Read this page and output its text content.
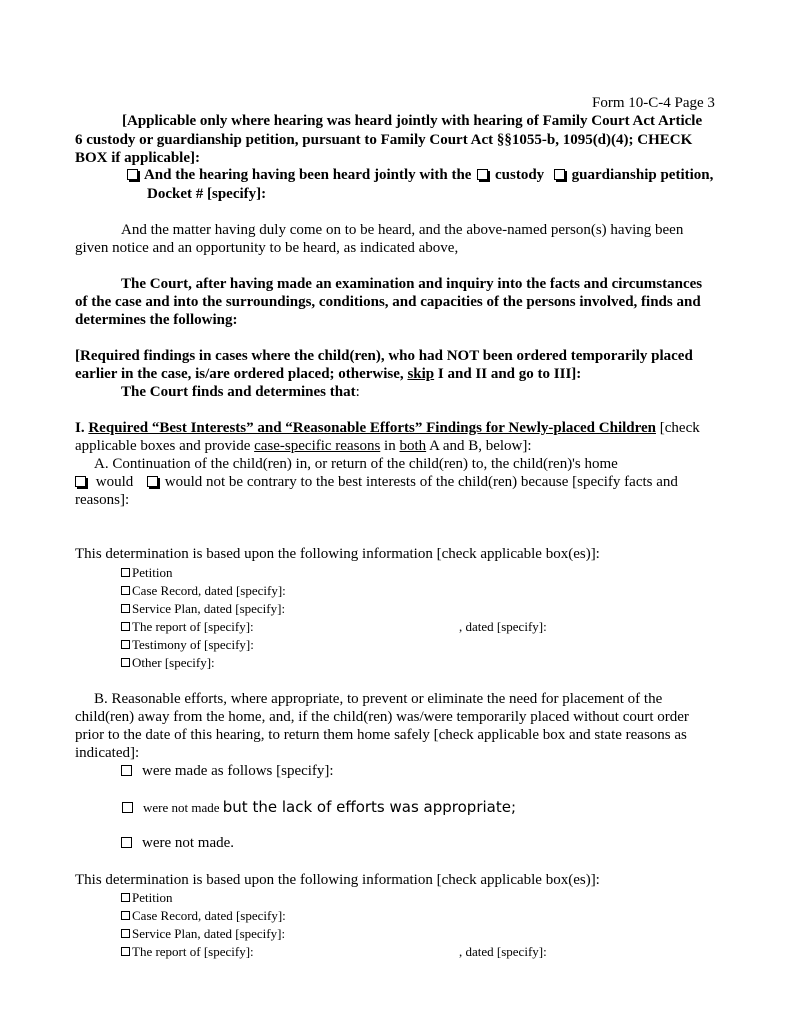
Form 10-C-4 Page 3
[Applicable only where hearing was heard jointly with hearing of Family Court Act Article
6 custody or guardianship petition, pursuant to Family Court Act §§1055-b, 1095(d)(4); CHECK
BOX if applicable]:
And the hearing having been heard jointly with the  custody guardianship petition,
Docket # [specify]:
And the matter having duly come on to be heard, and the above-named person(s) having been
given notice and an opportunity to be heard, as indicated above,
The Court, after having made an examination and inquiry into the facts and circumstances
of the case and into the surroundings, conditions, and capacities of the persons involved, finds and
determines the following:
[Required findings in cases where the child(ren), who had NOT been ordered temporarily placed
earlier in the case, is/are ordered placed; otherwise, skip I and II and go to III]:
The Court finds and determines that:
I. Required “Best Interests” and “Reasonable Efforts” Findings for Newly-placed Children [check
applicable boxes and provide case-specific reasons in both A and B, below]:
A. Continuation of the child(ren) in, or return of the child(ren) to, the child(ren)'s home
would would not be contrary to the best interests of the child(ren) because [specify facts and
reasons]:
This determination is based upon the following information [check applicable box(es)]:
Petition
Case Record, dated [specify]:
Service Plan, dated [specify]:
The report of [specify]:	, dated [specify]:
Testimony of [specify]:
Other [specify]:
B. Reasonable efforts, where appropriate, to prevent or eliminate the need for placement of the
child(ren) away from the home, and, if the child(ren) was/were temporarily placed without court order
prior to the date of this hearing, to return them home safely [check applicable box and state reasons as
indicated]:
were made as follows [specify]:
were not made but the lack of efforts was appropriate;
were not made.
This determination is based upon the following information [check applicable box(es)]:
Petition
Case Record, dated [specify]:
Service Plan, dated [specify]:
The report of [specify]:	, dated [specify]:
